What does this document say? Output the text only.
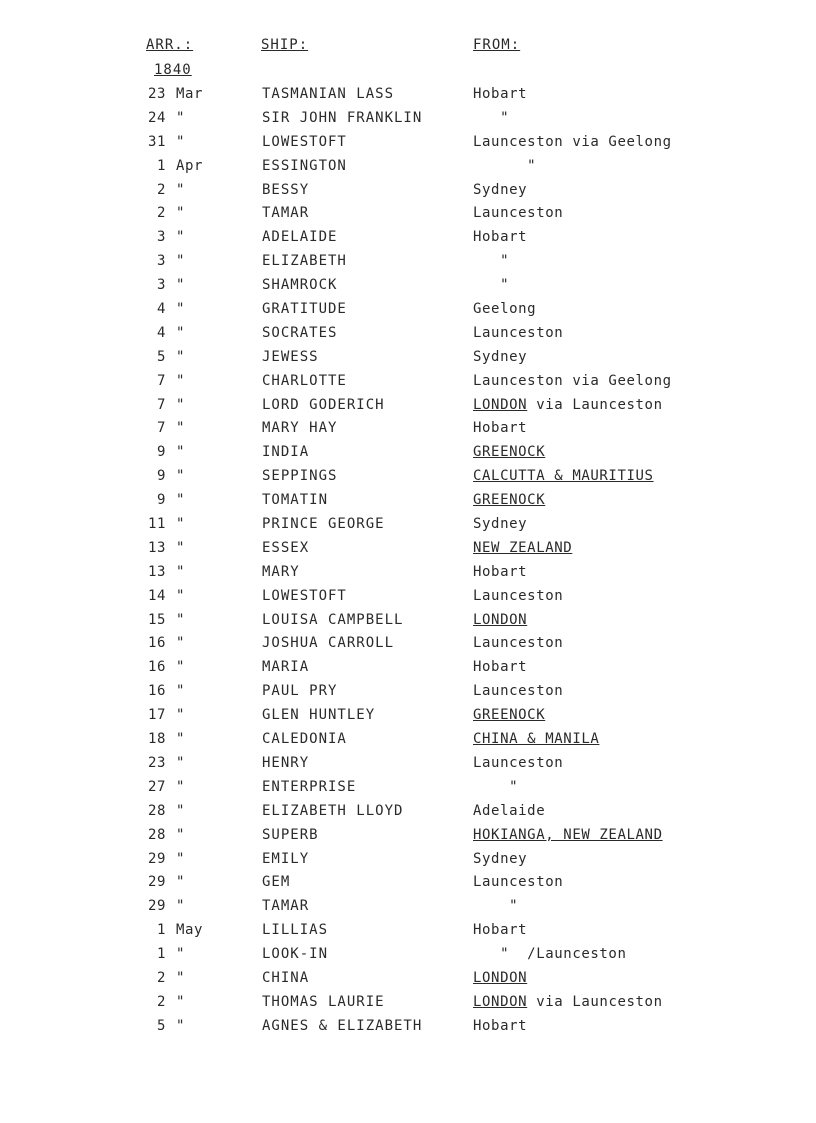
ARR.:	SHIP:	FROM:
1840
23 Mar	TASMANIAN LASS	Hobart
24 "	SIR JOHN FRANKLIN	"
31 "	LOWESTOFT	Launceston via Geelong
1 Apr	ESSINGTON	"
2 "	BESSY	Sydney
2 "	TAMAR	Launceston
3 "	ADELAIDE	Hobart
3 "	ELIZABETH	"
3 "	SHAMROCK	"
4 "	GRATITUDE	Geelong
4 "	SOCRATES	Launceston
5 "	JEWESS	Sydney
7 "	CHARLOTTE	Launceston via Geelong
7 "	LORD GODERICH	LONDON via Launceston
7 "	MARY HAY	Hobart
9 "	INDIA	GREENOCK
9 "	SEPPINGS	CALCUTTA & MAURITIUS
9 "	TOMATIN	GREENOCK
11 "	PRINCE GEORGE	Sydney
13 "	ESSEX	NEW ZEALAND
13 "	MARY	Hobart
14 "	LOWESTOFT	Launceston
15 "	LOUISA CAMPBELL	LONDON
16 "	JOSHUA CARROLL	Launceston
16 "	MARIA	Hobart
16 "	PAUL PRY	Launceston
17 "	GLEN HUNTLEY	GREENOCK
18 "	CALEDONIA	CHINA & MANILA
23 "	HENRY	Launceston
27 "	ENTERPRISE	"
28 "	ELIZABETH LLOYD	Adelaide
28 "	SUPERB	HOKIANGA, NEW ZEALAND
29 "	EMILY	Sydney
29 "	GEM	Launceston
29 "	TAMAR	"
1 May	LILLIAS	Hobart
1 "	LOOK-IN	"  /Launceston
2 "	CHINA	LONDON
2 "	THOMAS LAURIE	LONDON via Launceston
5 "	AGNES & ELIZABETH	Hobart
